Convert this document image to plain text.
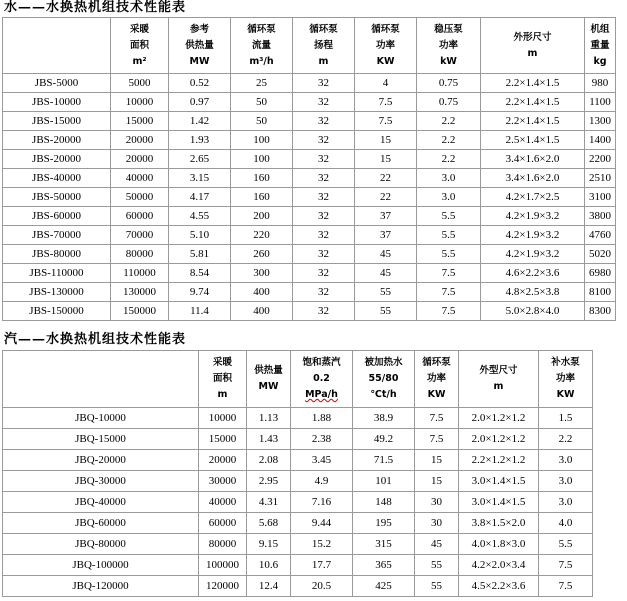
水——水换热机组技术性能表

	采暖
面积
m²	参考
供热量
MW	循环泵
流量
m³/h	循环泵
扬程
m	循环泵
功率
KW	稳压泵
功率
kW	外形尺寸
m	机组
重量
kg

JBS-5000	5000	0.52	25	32	4	0.75	2.2×1.4×1.5	980
JBS-10000	10000	0.97	50	32	7.5	0.75	2.2×1.4×1.5	1100
JBS-15000	15000	1.42	50	32	7.5	2.2	2.2×1.4×1.5	1300
JBS-20000	20000	1.93	100	32	15	2.2	2.5×1.4×1.5	1400
JBS-20000	20000	2.65	100	32	15	2.2	3.4×1.6×2.0	2200
JBS-40000	40000	3.15	160	32	22	3.0	3.4×1.6×2.0	2510
JBS-50000	50000	4.17	160	32	22	3.0	4.2×1.7×2.5	3100
JBS-60000	60000	4.55	200	32	37	5.5	4.2×1.9×3.2	3800
JBS-70000	70000	5.10	220	32	37	5.5	4.2×1.9×3.2	4760
JBS-80000	80000	5.81	260	32	45	5.5	4.2×1.9×3.2	5020
JBS-110000	110000	8.54	300	32	45	7.5	4.6×2.2×3.6	6980
JBS-130000	130000	9.74	400	32	55	7.5	4.8×2.5×3.8	8100
JBS-150000	150000	11.4	400	32	55	7.5	5.0×2.8×4.0	8300
汽——水换热机组技术性能表

	采暖
面积
m	供热量
MW	饱和蒸汽
0.2
MPa/h	被加热水
55/80
℃t/h	循环泵
功率
KW	外型尺寸
m	补水泵
功率
KW

JBQ-10000	10000	1.13	1.88	38.9	7.5	2.0×1.2×1.2	1.5
JBQ-15000	15000	1.43	2.38	49.2	7.5	2.0×1.2×1.2	2.2
JBQ-20000	20000	2.08	3.45	71.5	15	2.2×1.2×1.2	3.0
JBQ-30000	30000	2.95	4.9	101	15	3.0×1.4×1.5	3.0
JBQ-40000	40000	4.31	7.16	148	30	3.0×1.4×1.5	3.0
JBQ-60000	60000	5.68	9.44	195	30	3.8×1.5×2.0	4.0
JBQ-80000	80000	9.15	15.2	315	45	4.0×1.8×3.0	5.5
JBQ-100000	100000	10.6	17.7	365	55	4.2×2.0×3.4	7.5
JBQ-120000	120000	12.4	20.5	425	55	4.5×2.2×3.6	7.5
